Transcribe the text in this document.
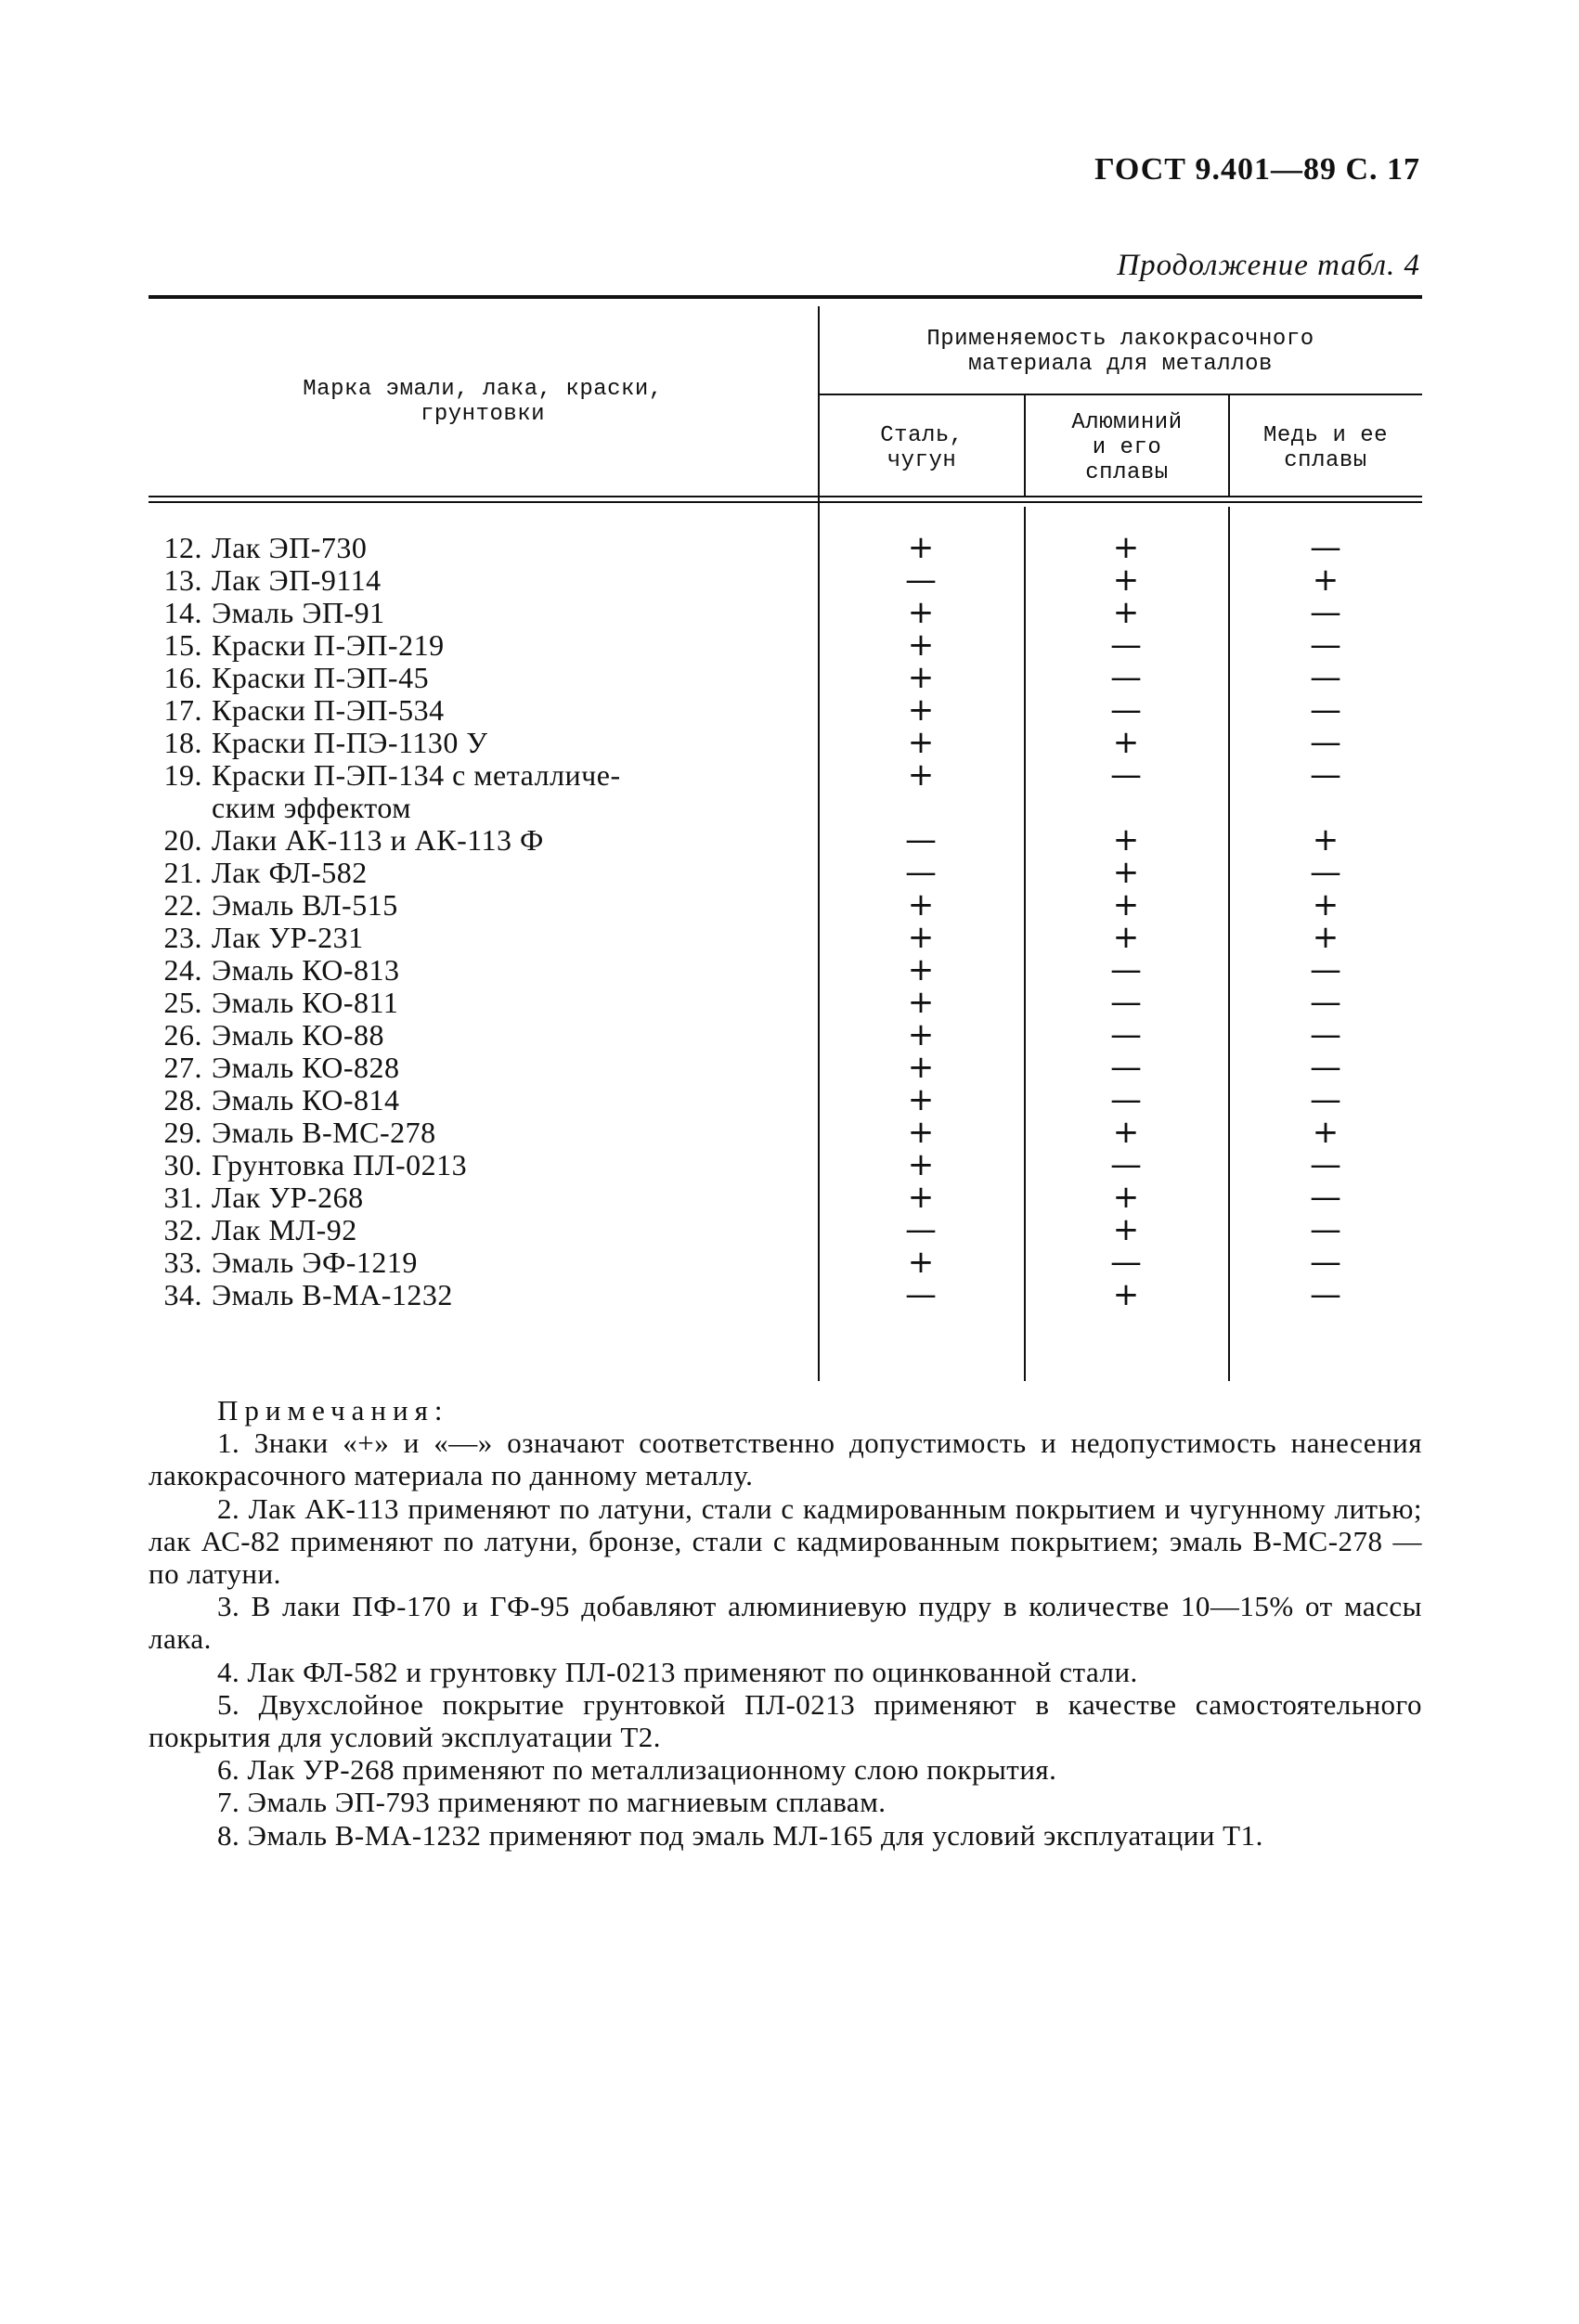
ГОСТ 9.401—89 С. 17
Продолжение табл. 4
Марка эмали, лака, краски,
грунтовки
Применяемость лакокрасочного
материала для металлов
Сталь,
чугун
Алюминий
и его
сплавы
Медь и ее
сплавы
12. Лак ЭП-730	+	+	—
13. Лак ЭП-9114	—	+	+
14. Эмаль ЭП-91	+	+	—
15. Краски П-ЭП-219	+	—	—
16. Краски П-ЭП-45	+	—	—
17. Краски П-ЭП-534	+	—	—
18. Краски П-ПЭ-1130 У	+	+	—
19. Краски П-ЭП-134 с металличе-
ским эффектом
+	—	—
20. Лаки АК-113 и АК-113 Ф	—	+	+
21. Лак ФЛ-582	—	+	—
22. Эмаль ВЛ-515	+	+	+
23. Лак УР-231	+	+	+
24. Эмаль КО-813	+	—	—
25. Эмаль КО-811	+	—	—
26. Эмаль КО-88	+	—	—
27. Эмаль КО-828	+	—	—
28. Эмаль КО-814	+	—	—
29. Эмаль В-МС-278	+	+	+
30. Грунтовка ПЛ-0213	+	—	—
31. Лак УР-268	+	+	—
32. Лак МЛ-92	—	+	—
33. Эмаль ЭФ-1219	+	—	—
34. Эмаль В-МА-1232	—	+	—
Примечания:

1. Знаки «+» и «—» означают соответственно допустимость и недопустимость нанесения лакокрасочного материала по данному металлу.

2. Лак АК-113 применяют по латуни, стали с кадмированным покрытием и чугунному литью; лак АС-82 применяют по латуни, бронзе, стали с кадмированным покрытием; эмаль В-МС-278 — по латуни.

3. В лаки ПФ-170 и ГФ-95 добавляют алюминиевую пудру в количестве 10—15% от массы лака.

4. Лак ФЛ-582 и грунтовку ПЛ-0213 применяют по оцинкованной стали.

5. Двухслойное покрытие грунтовкой ПЛ-0213 применяют в качестве самостоятельного покрытия для условий эксплуатации Т2.

6. Лак УР-268 применяют по металлизационному слою покрытия.

7. Эмаль ЭП-793 применяют по магниевым сплавам.

8. Эмаль В-МА-1232 применяют под эмаль МЛ-165 для условий эксплуатации Т1.
